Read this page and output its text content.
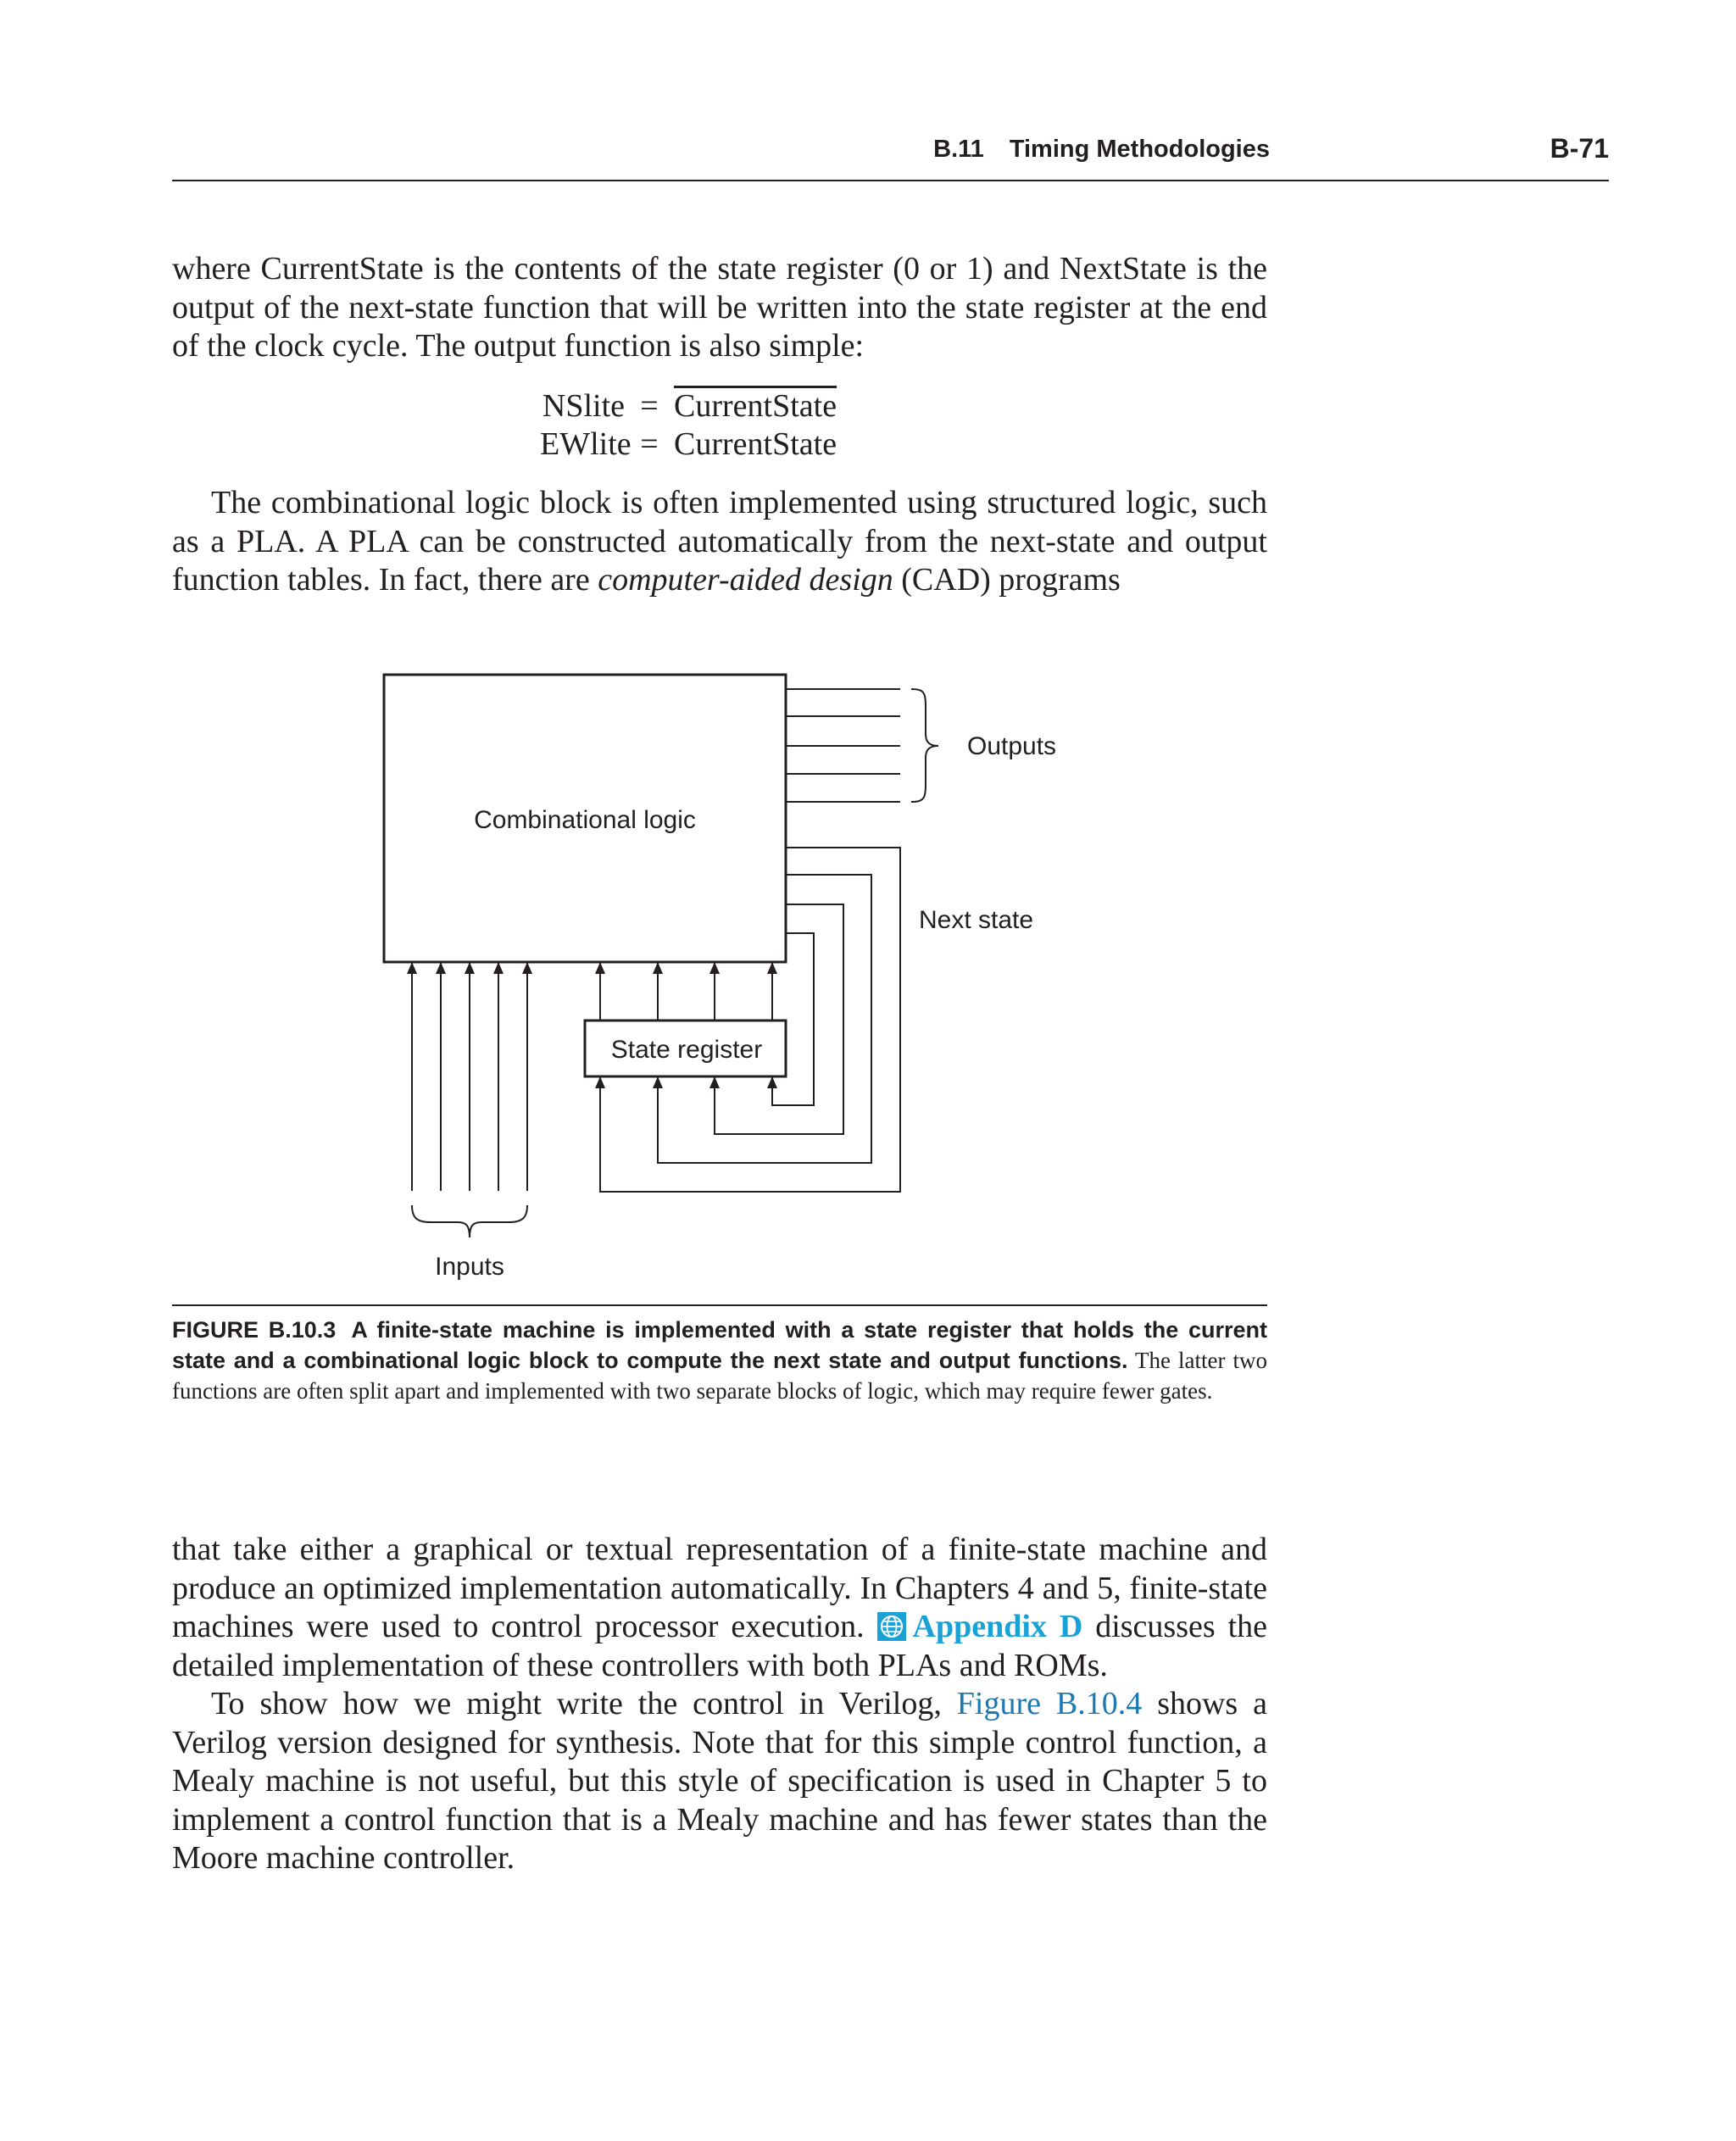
B.11 Timing Methodologies	B-71

where CurrentState is the contents of the state register (0 or 1) and NextState is the output of the next-state function that will be written into the state register at the end of the clock cycle. The output function is also simple:

NSlite = CurrentState
EWlite = CurrentState

The combinational logic block is often implemented using structured logic, such as a PLA. A PLA can be constructed automatically from the next-state and output function tables. In fact, there are computer-aided design (CAD) programs

Combinational logic
State register
Outputs
Next state
Inputs

FIGURE B.10.3 A finite-state machine is implemented with a state register that holds the current state and a combinational logic block to compute the next state and output functions. The latter two functions are often split apart and implemented with two separate blocks of logic, which may require fewer gates.

that take either a graphical or textual representation of a finite-state machine and produce an optimized implementation automatically. In Chapters 4 and 5, finite-state machines were used to control processor execution. Appendix D discusses the detailed implementation of these controllers with both PLAs and ROMs.

To show how we might write the control in Verilog, Figure B.10.4 shows a Verilog version designed for synthesis. Note that for this simple control function, a Mealy machine is not useful, but this style of specification is used in Chapter 5 to implement a control function that is a Mealy machine and has fewer states than the Moore machine controller.
